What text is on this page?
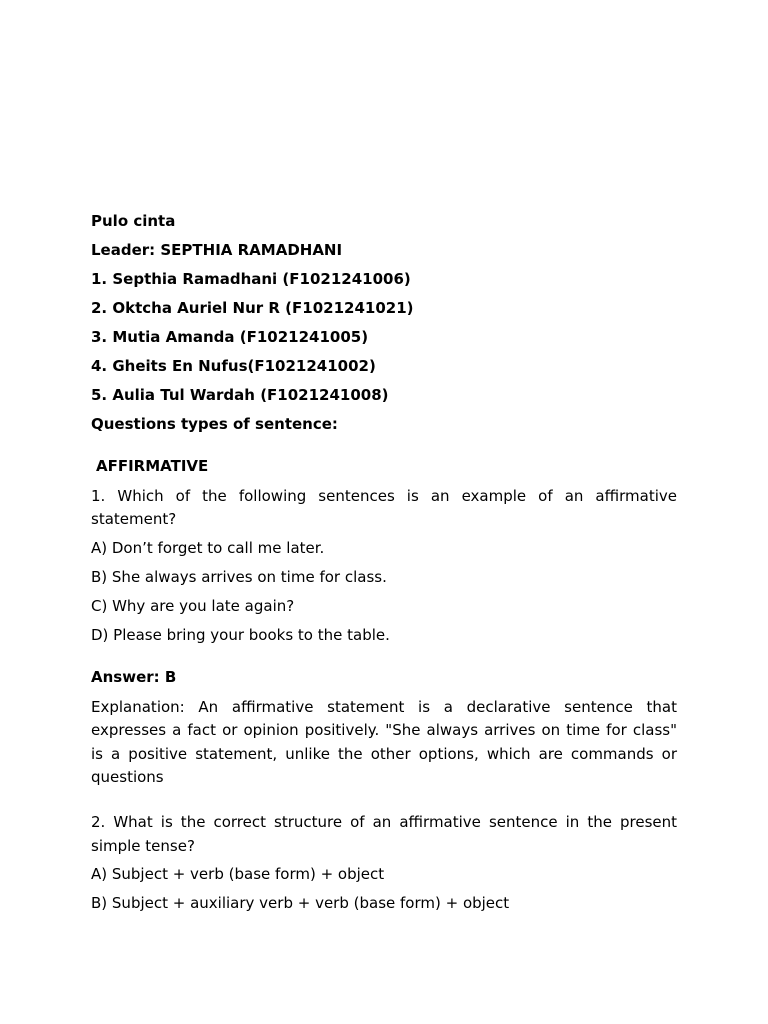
Pulo cinta
Leader: SEPTHIA RAMADHANI
1. Septhia Ramadhani (F1021241006)
2. Oktcha Auriel Nur R (F1021241021)
3. Mutia Amanda (F1021241005)
4. Gheits En Nufus(F1021241002)
5. Aulia Tul Wardah (F1021241008)
Questions types of sentence:
AFFIRMATIVE
1. Which of the following sentences is an example of an affirmative statement?
A) Don’t forget to call me later.
B) She always arrives on time for class.
C) Why are you late again?
D) Please bring your books to the table.
Answer: B
Explanation: An affirmative statement is a declarative sentence that expresses a fact or opinion positively. "She always arrives on time for class" is a positive statement, unlike the other options, which are commands or questions
2. What is the correct structure of an affirmative sentence in the present simple tense?
A) Subject + verb (base form) + object
B) Subject + auxiliary verb + verb (base form) + object
